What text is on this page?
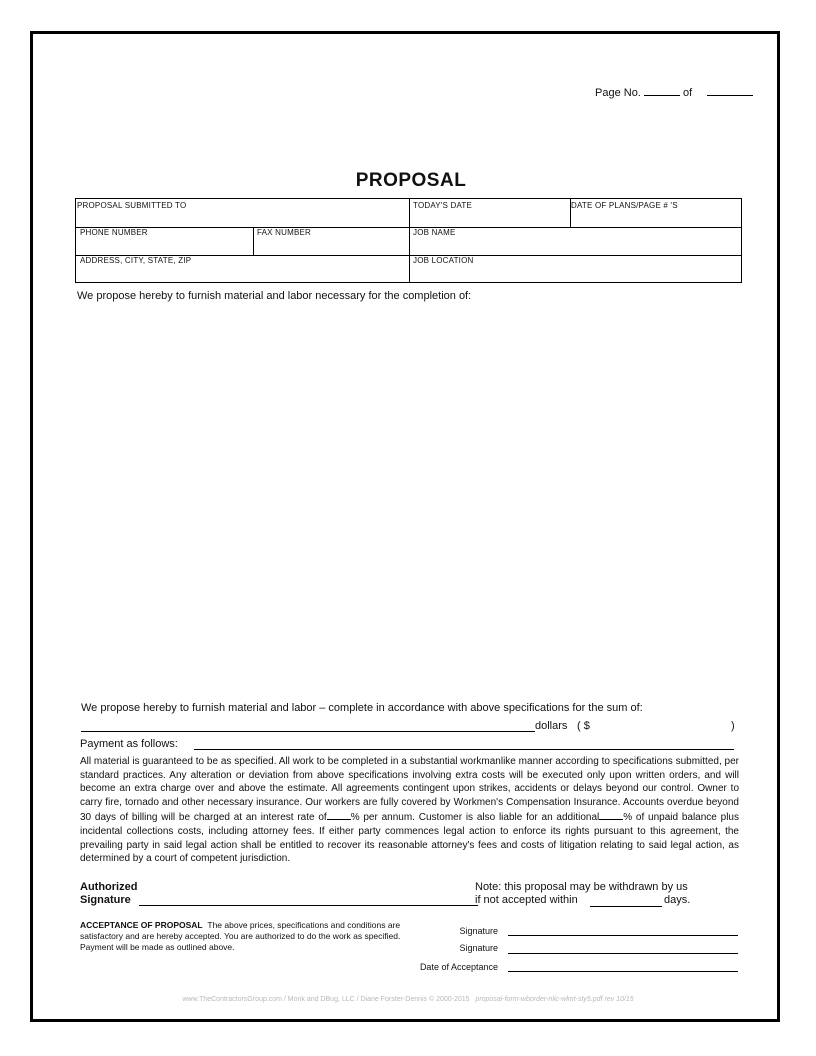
Page No.	of
PROPOSAL
PROPOSAL SUBMITTED TO	TODAY'S DATE	DATE OF PLANS/PAGE # 'S
PHONE NUMBER	FAX NUMBER	JOB NAME
ADDRESS, CITY, STATE, ZIP	JOB LOCATION
We propose hereby to furnish material and labor necessary for the completion of:
We propose hereby to furnish material and labor – complete in accordance with above specifications for the sum of:
dollars ( $	)
Payment as follows:
All material is guaranteed to be as specified. All work to be completed in a substantial workmanlike manner according to specifications submitted, per standard practices. Any alteration or deviation from above specifications involving extra costs will be executed only upon written orders, and will become an extra charge over and above the estimate. All agreements contingent upon strikes, accidents or delays beyond our control. Owner to carry fire, tornado and other necessary insurance. Our workers are fully covered by Workmen's Compensation Insurance. Accounts overdue beyond 30 days of billing will be charged at an interest rate of % per annum. Customer is also liable for an additional % of unpaid balance plus incidental collections costs, including attorney fees. If either party commences legal action to enforce its rights pursuant to this agreement, the prevailing party in said legal action shall be entitled to recover its reasonable attorney's fees and costs of litigation relating to said legal action, as determined by a court of competent jurisdiction.
Authorized
Signature
Note: this proposal may be withdrawn by us
if not accepted within	days.
ACCEPTANCE OF PROPOSAL The above prices, specifications and conditions are satisfactory and are hereby accepted. You are authorized to do the work as specified. Payment will be made as outlined above.
Signature
Signature
Date of Acceptance
www.TheContractorsGroup.com / Monk and DBug, LLC / Diane Forster-Dennis © 2000-2015 proposal-form-wborder-nlic-wlmt-sty5.pdf rev 10/15
